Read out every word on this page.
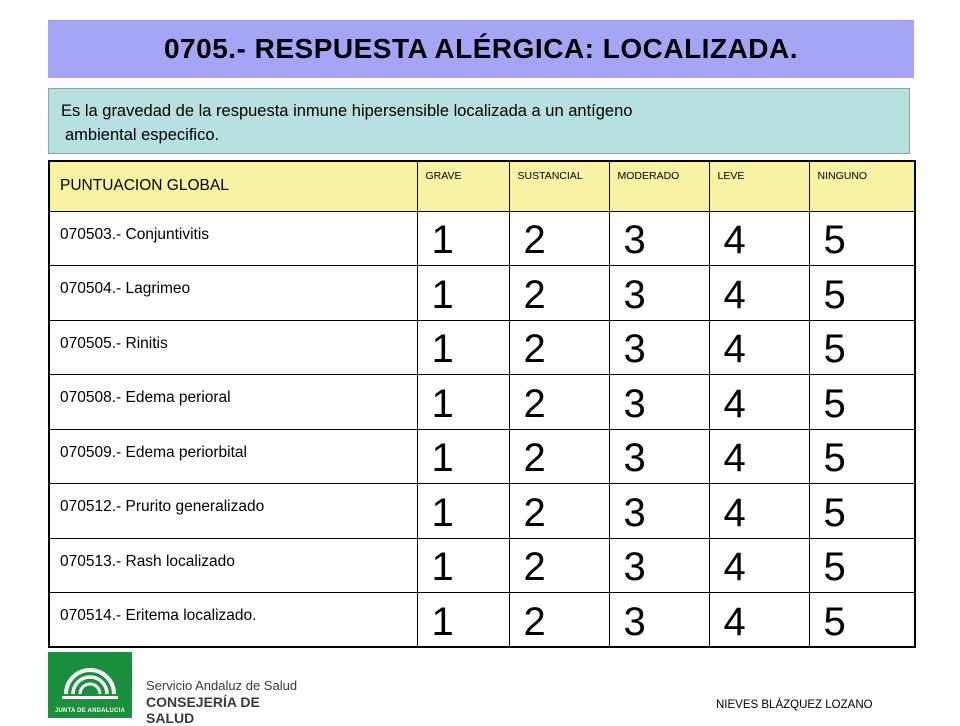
0705.- RESPUESTA ALÉRGICA: LOCALIZADA.
Es la gravedad de la respuesta inmune hipersensible localizada a un antígeno
ambiental especifico.
PUNTUACION GLOBAL	GRAVE	SUSTANCIAL	MODERADO	LEVE	NINGUNO
070503.- Conjuntivitis	1	2	3	4	5
070504.- Lagrimeo	1	2	3	4	5
070505.- Rinitis	1	2	3	4	5
070508.- Edema perioral	1	2	3	4	5
070509.- Edema periorbital	1	2	3	4	5
070512.- Prurito generalizado	1	2	3	4	5
070513.- Rash localizado	1	2	3	4	5
070514.- Eritema localizado.	1	2	3	4	5
JUNTA DE ANDALUCIA
Servicio Andaluz de Salud
CONSEJERÍA DE SALUD
NIEVES BLÁZQUEZ LOZANO
